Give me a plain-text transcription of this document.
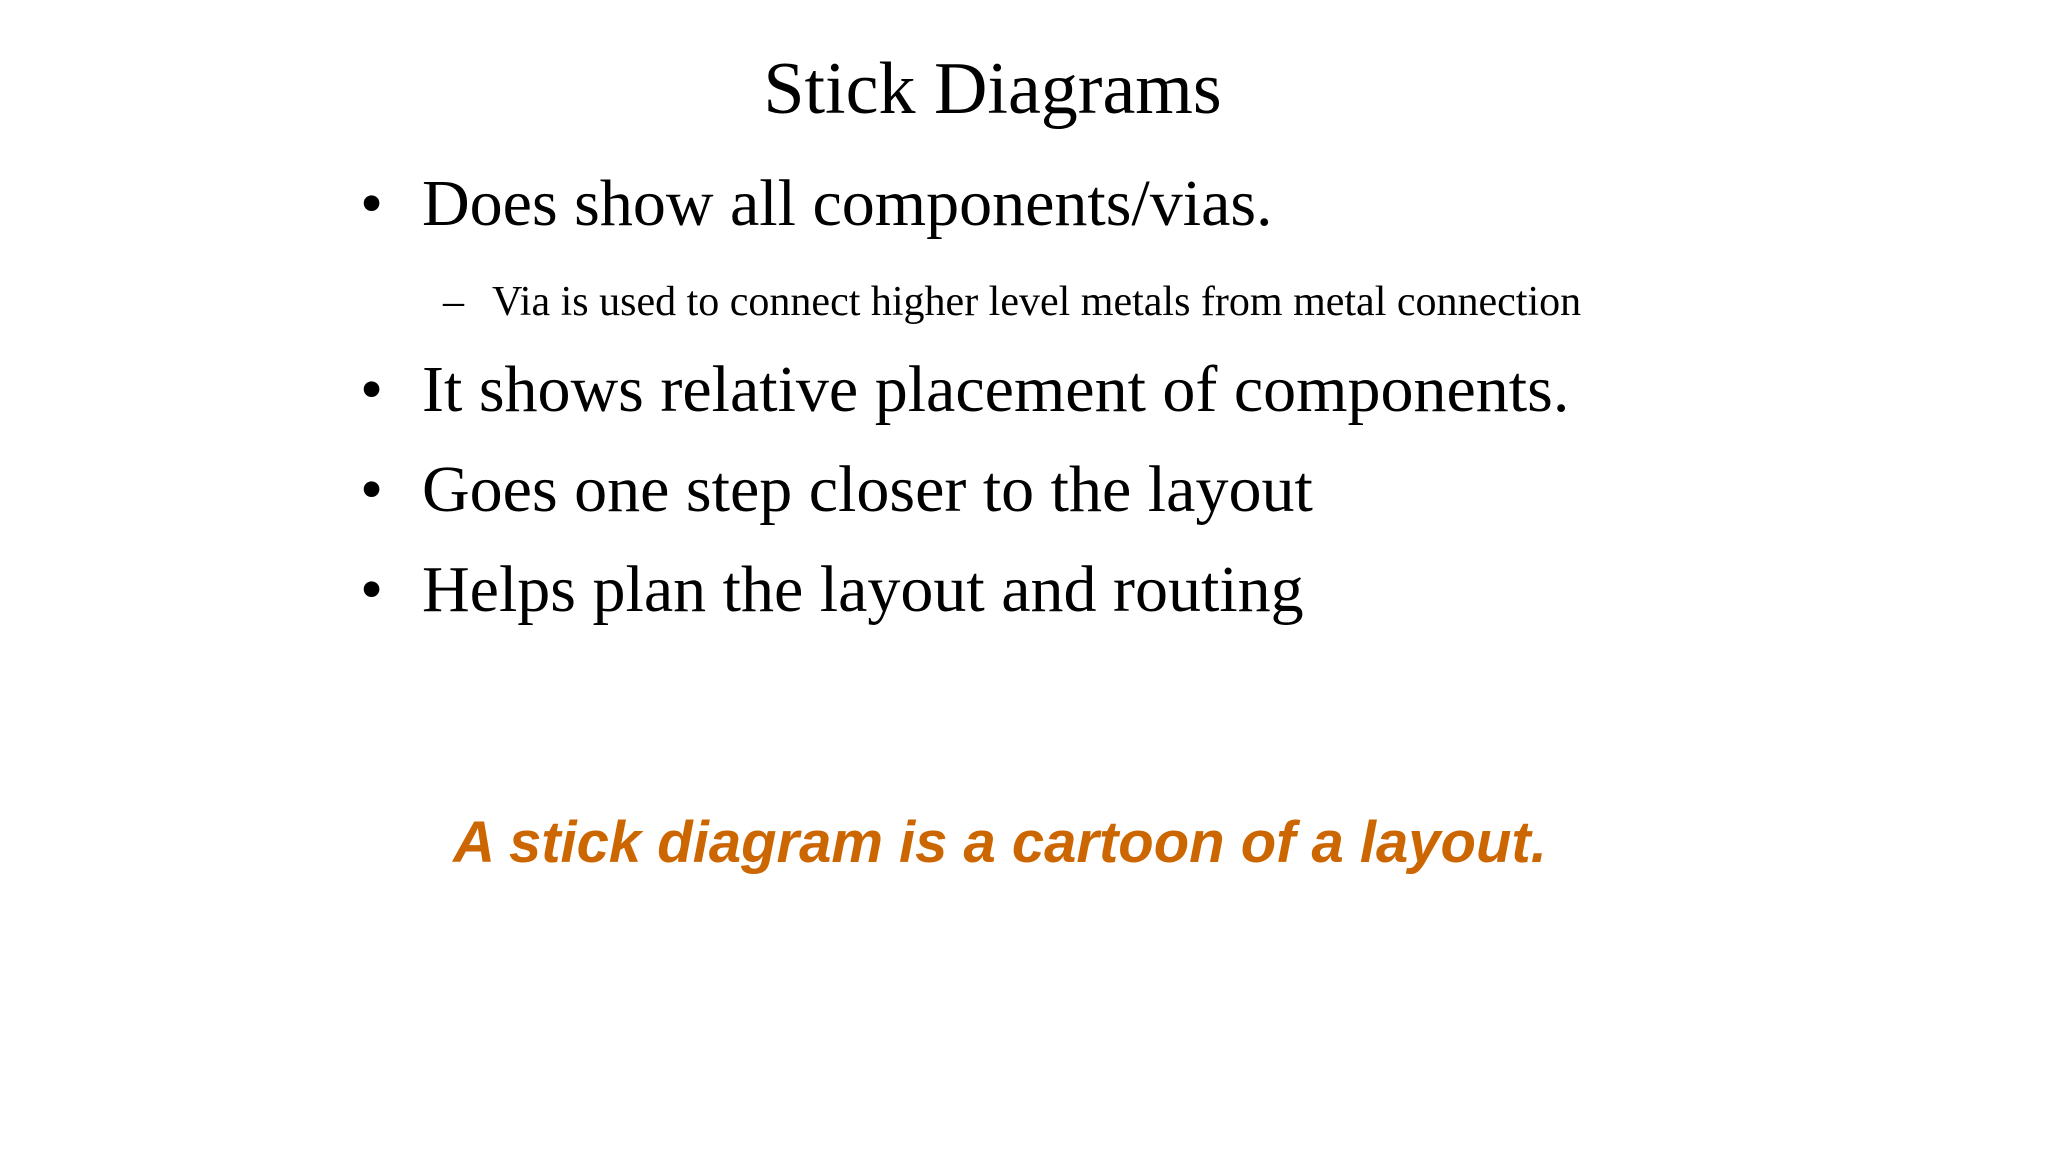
Stick Diagrams
• Does show all components/vias.
– Via is used to connect higher level metals from metal connection
• It shows relative placement of components.
• Goes one step closer to the layout
• Helps plan the layout and routing
A stick diagram is a cartoon of a layout.
